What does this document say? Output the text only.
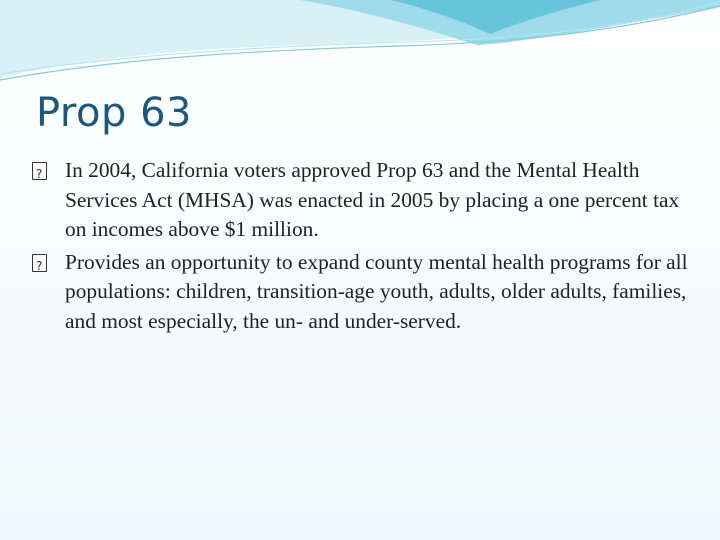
Prop 63
?
In 2004, California voters approved Prop 63 and the Mental Health Services Act (MHSA) was enacted in 2005 by placing a one percent tax on incomes above $1 million.
?
Provides an opportunity to expand county mental health programs for all populations: children, transition-age youth, adults, older adults, families, and most especially, the un- and under-served.
